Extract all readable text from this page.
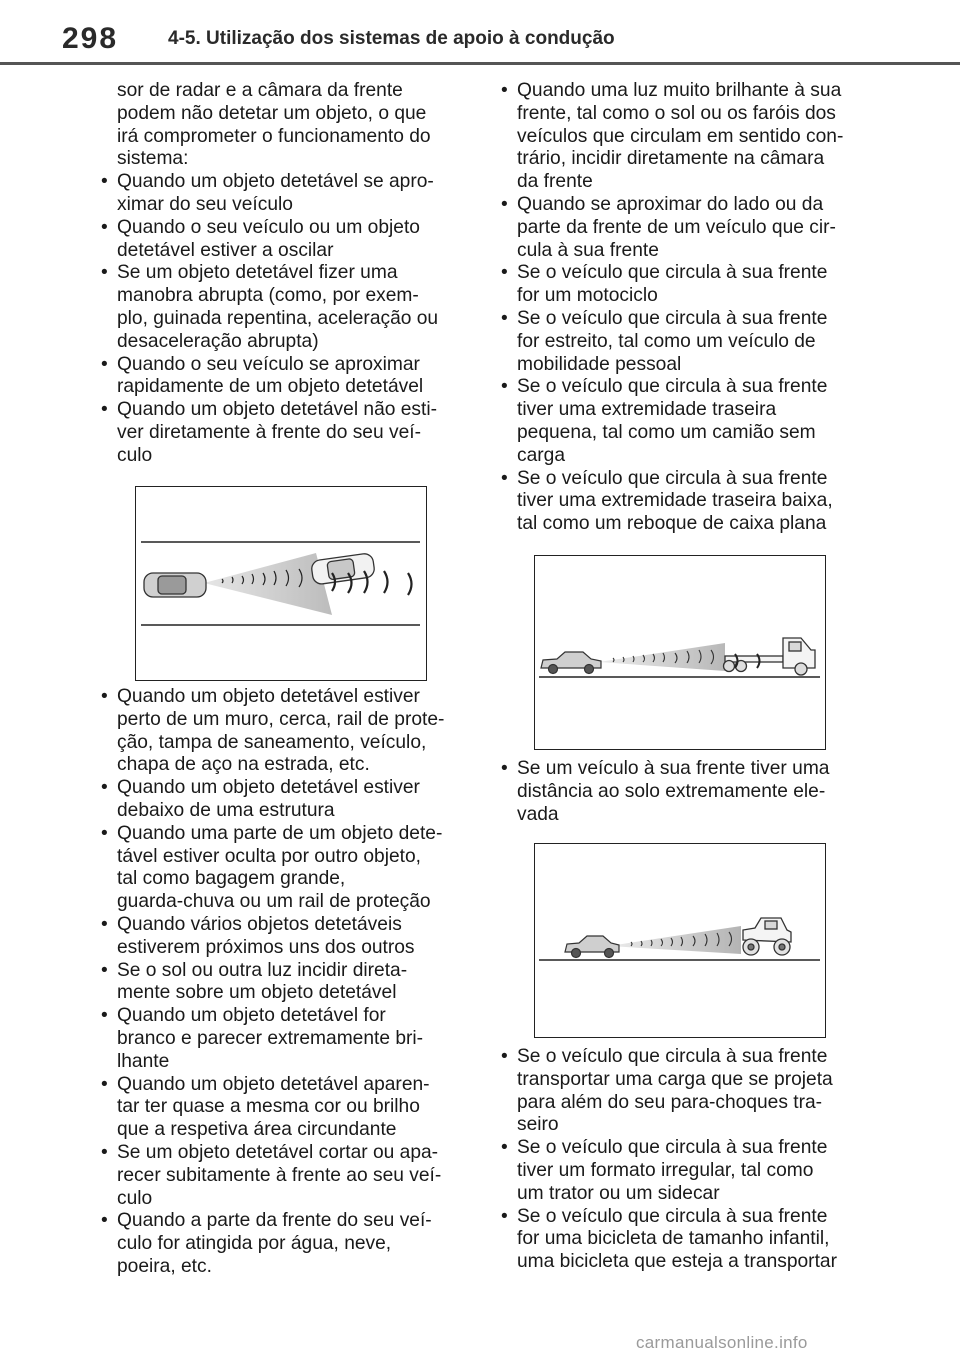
298	4-5. Utilização dos sistemas de apoio à condução
sor de radar e a câmara da frente
podem não detetar um objeto, o que
irá comprometer o funcionamento do
sistema:
• Quando um objeto detetável se apro-
ximar do seu veículo
• Quando o seu veículo ou um objeto
detetável estiver a oscilar
• Se um objeto detetável fizer uma
manobra abrupta (como, por exem-
plo, guinada repentina, aceleração ou
desaceleração abrupta)
• Quando o seu veículo se aproximar
rapidamente de um objeto detetável
• Quando um objeto detetável não esti-
ver diretamente à frente do seu veí-
culo
• Quando um objeto detetável estiver
perto de um muro, cerca, rail de prote-
ção, tampa de saneamento, veículo,
chapa de aço na estrada, etc.
• Quando um objeto detetável estiver
debaixo de uma estrutura
• Quando uma parte de um objeto dete-
tável estiver oculta por outro objeto,
tal como bagagem grande,
guarda-chuva ou um rail de proteção
• Quando vários objetos detetáveis
estiverem próximos uns dos outros
• Se o sol ou outra luz incidir direta-
mente sobre um objeto detetável
• Quando um objeto detetável for
branco e parecer extremamente bri-
lhante
• Quando um objeto detetável aparen-
tar ter quase a mesma cor ou brilho
que a respetiva área circundante
• Se um objeto detetável cortar ou apa-
recer subitamente à frente ao seu veí-
culo
• Quando a parte da frente do seu veí-
culo for atingida por água, neve,
poeira, etc.
• Quando uma luz muito brilhante à sua
frente, tal como o sol ou os faróis dos
veículos que circulam em sentido con-
trário, incidir diretamente na câmara
da frente
• Quando se aproximar do lado ou da
parte da frente de um veículo que cir-
cula à sua frente
• Se o veículo que circula à sua frente
for um motociclo
• Se o veículo que circula à sua frente
for estreito, tal como um veículo de
mobilidade pessoal
• Se o veículo que circula à sua frente
tiver uma extremidade traseira
pequena, tal como um camião sem
carga
• Se o veículo que circula à sua frente
tiver uma extremidade traseira baixa,
tal como um reboque de caixa plana
• Se um veículo à sua frente tiver uma
distância ao solo extremamente ele-
vada
• Se o veículo que circula à sua frente
transportar uma carga que se projeta
para além do seu para-choques tra-
seiro
• Se o veículo que circula à sua frente
tiver um formato irregular, tal como
um trator ou um sidecar
• Se o veículo que circula à sua frente
for uma bicicleta de tamanho infantil,
uma bicicleta que esteja a transportar
carmanualsonline.info
